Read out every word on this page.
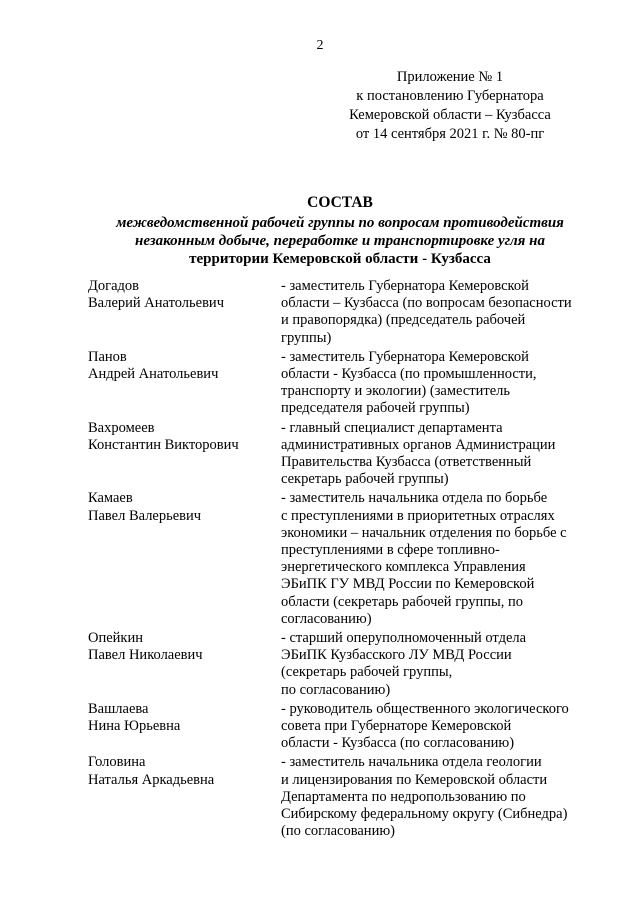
2
Приложение № 1
к постановлению Губернатора
Кемеровской области – Кузбасса
от 14 сентября 2021 г. № 80-пг
СОСТАВ
межведомственной рабочей группы по вопросам противодействия
незаконным добыче, переработке и транспортировке угля на
территории Кемеровской области - Кузбасса
Догадов
Валерий Анатольевич
- заместитель Губернатора Кемеровской
области – Кузбасса (по вопросам безопасности
и правопорядка) (председатель рабочей
группы)
Панов
Андрей Анатольевич
- заместитель Губернатора Кемеровской
области - Кузбасса (по промышленности,
транспорту и экологии) (заместитель
председателя рабочей группы)
Вахромеев
Константин Викторович
- главный специалист департамента
административных органов Администрации
Правительства Кузбасса (ответственный
секретарь рабочей группы)
Камаев
Павел Валерьевич
- заместитель начальника отдела по борьбе
с преступлениями в приоритетных отраслях
экономики – начальник отделения по борьбе с
преступлениями в сфере топливно-
энергетического комплекса Управления
ЭБиПК ГУ МВД России по Кемеровской
области (секретарь рабочей группы, по
согласованию)
Опейкин
Павел Николаевич
- старший оперуполномоченный отдела
ЭБиПК Кузбасского ЛУ МВД России
(секретарь рабочей группы,
по согласованию)
Вашлаева
Нина Юрьевна
- руководитель общественного экологического
совета при Губернаторе Кемеровской
области - Кузбасса (по согласованию)
Головина
Наталья Аркадьевна
- заместитель начальника отдела геологии
и лицензирования по Кемеровской области
Департамента по недропользованию по
Сибирскому федеральному округу (Сибнедра)
(по согласованию)
